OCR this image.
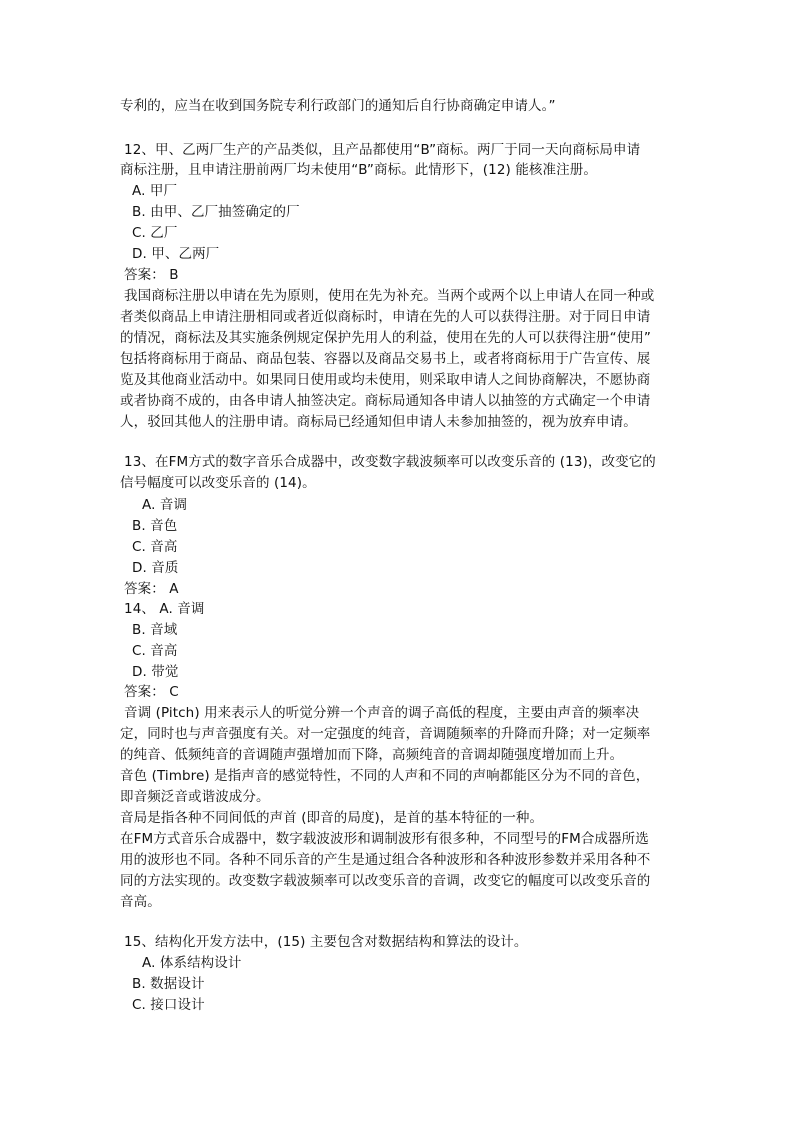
专利的，应当在收到国务院专利行政部门的通知后自行协商确定申请人。”
12、甲、乙两厂生产的产品类似，且产品都使用“B”商标。两厂于同一天向商标局申请
商标注册，且申请注册前两厂均未使用“B”商标。此情形下，(12) 能核准注册。
A. 甲厂
B. 由甲、乙厂抽签确定的厂
C. 乙厂
D. 甲、乙两厂
答案： B
我国商标注册以申请在先为原则，使用在先为补充。当两个或两个以上申请人在同一种或
者类似商品上申请注册相同或者近似商标时，申请在先的人可以获得注册。对于同日申请
的情况，商标法及其实施条例规定保护先用人的利益，使用在先的人可以获得注册“使用”
包括将商标用于商品、商品包装、容器以及商品交易书上，或者将商标用于广告宣传、展
览及其他商业活动中。如果同日使用或均未使用，则采取申请人之间协商解决，不愿协商
或者协商不成的，由各申请人抽签决定。商标局通知各申请人以抽签的方式确定一个申请
人，驳回其他人的注册申请。商标局已经通知但申请人未参加抽签的，视为放弃申请。
13、在FM方式的数字音乐合成器中，改变数字载波频率可以改变乐音的 (13)，改变它的
信号幅度可以改变乐音的 (14)。
A. 音调
B. 音色
C. 音高
D. 音质
答案： A
14、 A. 音调
B. 音域
C. 音高
D. 带觉
答案： C
音调 (Pitch) 用来表示人的听觉分辨一个声音的调子高低的程度，主要由声音的频率决
定，同时也与声音强度有关。对一定强度的纯音，音调随频率的升降而升降；对一定频率
的纯音、低频纯音的音调随声强增加而下降，高频纯音的音调却随强度增加而上升。
音色 (Timbre) 是指声音的感觉特性，不同的人声和不同的声响都能区分为不同的音色，
即音频泛音或谐波成分。
音局是指各种不同间低的声首 (即音的局度)，是首的基本特征的一种。
在FM方式音乐合成器中，数字载波波形和调制波形有很多种，不同型号的FM合成器所选
用的波形也不同。各种不同乐音的产生是通过组合各种波形和各种波形参数并采用各种不
同的方法实现的。改变数字载波频率可以改变乐音的音调，改变它的幅度可以改变乐音的
音高。
15、结构化开发方法中，(15) 主要包含对数据结构和算法的设计。
A. 体系结构设计
B. 数据设计
C. 接口设计
